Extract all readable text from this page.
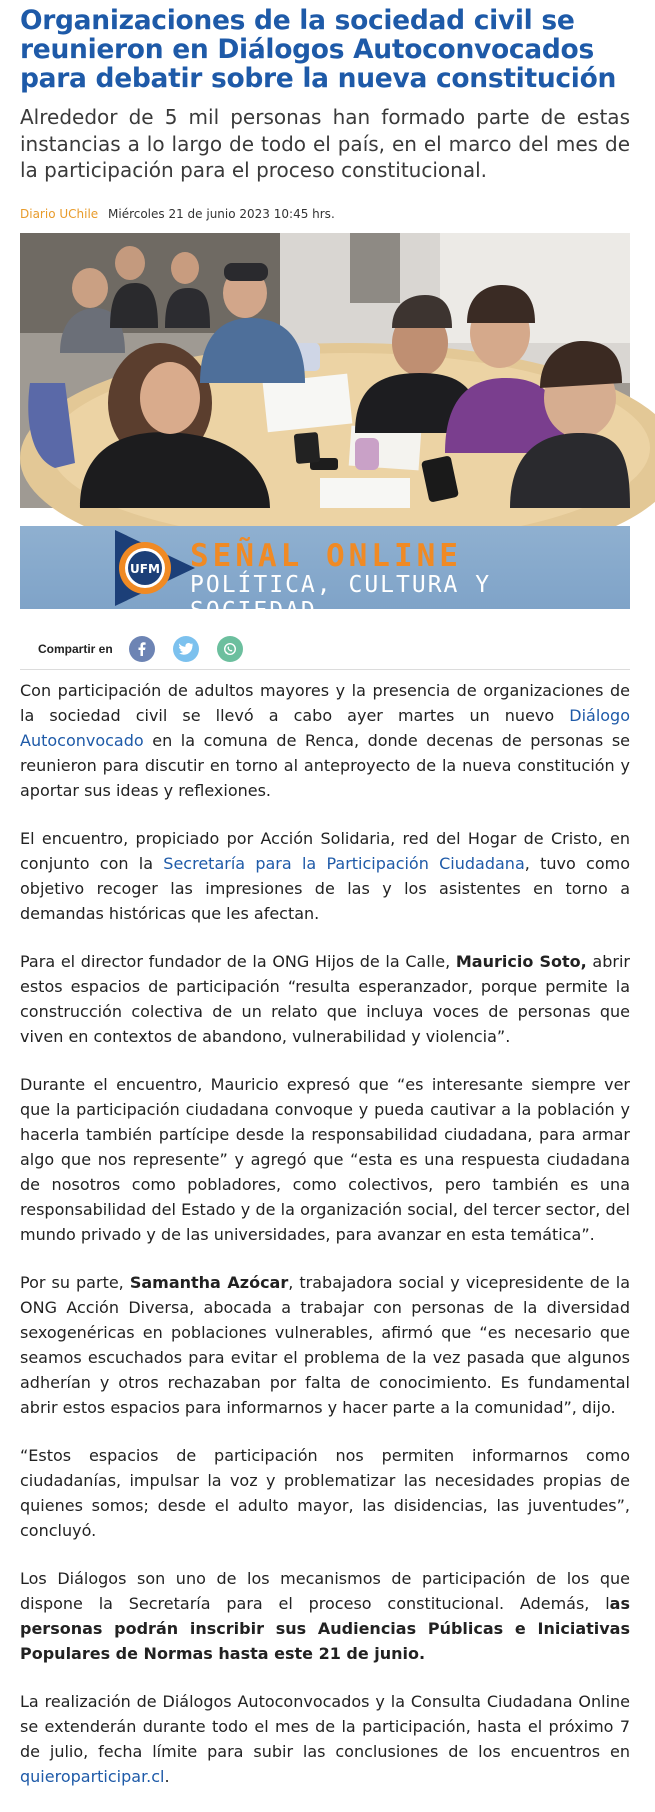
Organizaciones de la sociedad civil se reunieron en Diálogos Autoconvocados para debatir sobre la nueva constitución

Alrededor de 5 mil personas han formado parte de estas instancias a lo largo de todo el país, en el marco del mes de la participación para el proceso constitucional.

Diario UChile Miércoles 21 de junio 2023 10:45 hrs.
UFM SEÑAL ONLINE
POLÍTICA, CULTURA Y SOCIEDAD
Compartir en

Con participación de adultos mayores y la presencia de organizaciones de la sociedad civil se llevó a cabo ayer martes un nuevo Diálogo Autoconvocado en la comuna de Renca, donde decenas de personas se reunieron para discutir en torno al anteproyecto de la nueva constitución y aportar sus ideas y reflexiones.

El encuentro, propiciado por Acción Solidaria, red del Hogar de Cristo, en conjunto con la Secretaría para la Participación Ciudadana, tuvo como objetivo recoger las impresiones de las y los asistentes en torno a demandas históricas que les afectan.

Para el director fundador de la ONG Hijos de la Calle, Mauricio Soto, abrir estos espacios de participación “resulta esperanzador, porque permite la construcción colectiva de un relato que incluya voces de personas que viven en contextos de abandono, vulnerabilidad y violencia”.

Durante el encuentro, Mauricio expresó que “es interesante siempre ver que la participación ciudadana convoque y pueda cautivar a la población y hacerla también partícipe desde la responsabilidad ciudadana, para armar algo que nos represente” y agregó que “esta es una respuesta ciudadana de nosotros como pobladores, como colectivos, pero también es una responsabilidad del Estado y de la organización social, del tercer sector, del mundo privado y de las universidades, para avanzar en esta temática”.

Por su parte, Samantha Azócar, trabajadora social y vicepresidente de la ONG Acción Diversa, abocada a trabajar con personas de la diversidad sexogenéricas en poblaciones vulnerables, afirmó que “es necesario que seamos escuchados para evitar el problema de la vez pasada que algunos adherían y otros rechazaban por falta de conocimiento. Es fundamental abrir estos espacios para informarnos y hacer parte a la comunidad”, dijo.

“Estos espacios de participación nos permiten informarnos como ciudadanías, impulsar la voz y problematizar las necesidades propias de quienes somos; desde el adulto mayor, las disidencias, las juventudes”, concluyó.

Los Diálogos son uno de los mecanismos de participación de los que dispone la Secretaría para el proceso constitucional. Además, las personas podrán inscribir sus Audiencias Públicas e Iniciativas Populares de Normas hasta este 21 de junio.

La realización de Diálogos Autoconvocados y la Consulta Ciudadana Online se extenderán durante todo el mes de la participación, hasta el próximo 7 de julio, fecha límite para subir las conclusiones de los encuentros en quieroparticipar.cl.
